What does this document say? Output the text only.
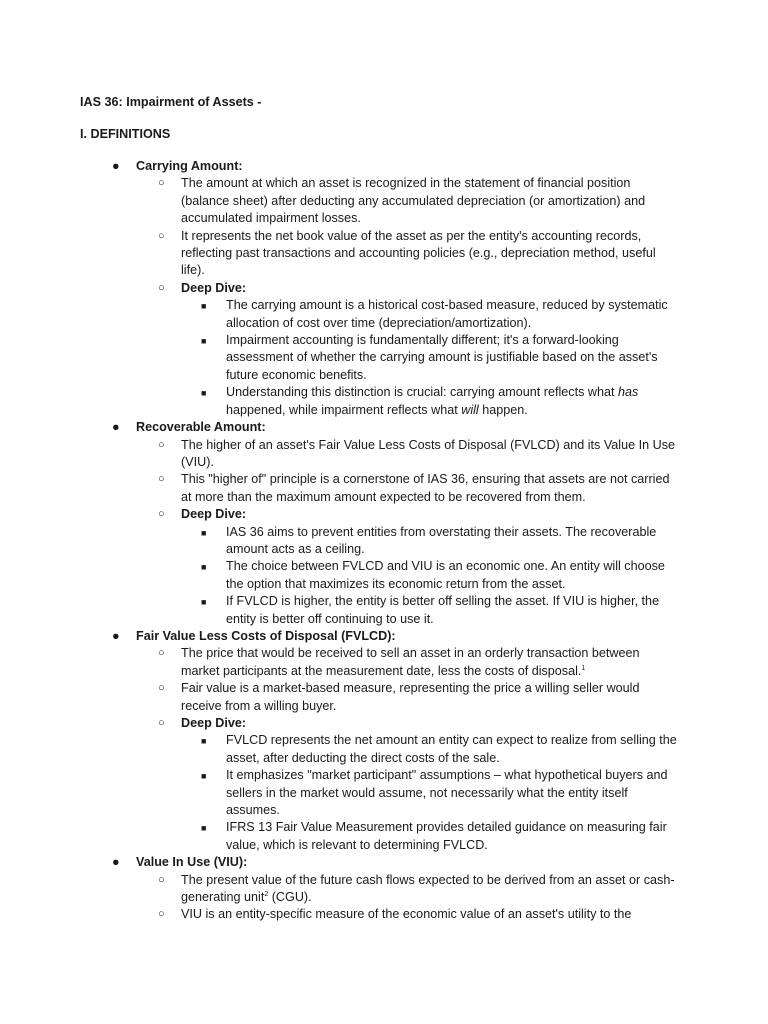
IAS 36: Impairment of Assets -
I. DEFINITIONS
● Carrying Amount:
○ The amount at which an asset is recognized in the statement of financial position (balance sheet) after deducting any accumulated depreciation (or amortization) and accumulated impairment losses.
○ It represents the net book value of the asset as per the entity's accounting records, reflecting past transactions and accounting policies (e.g., depreciation method, useful life).
○ Deep Dive:
■ The carrying amount is a historical cost-based measure, reduced by systematic allocation of cost over time (depreciation/amortization).
■ Impairment accounting is fundamentally different; it's a forward-looking assessment of whether the carrying amount is justifiable based on the asset's future economic benefits.
■ Understanding this distinction is crucial: carrying amount reflects what has happened, while impairment reflects what will happen.
● Recoverable Amount:
○ The higher of an asset's Fair Value Less Costs of Disposal (FVLCD) and its Value In Use (VIU).
○ This "higher of" principle is a cornerstone of IAS 36, ensuring that assets are not carried at more than the maximum amount expected to be recovered from them.
○ Deep Dive:
■ IAS 36 aims to prevent entities from overstating their assets. The recoverable amount acts as a ceiling.
■ The choice between FVLCD and VIU is an economic one. An entity will choose the option that maximizes its economic return from the asset.
■ If FVLCD is higher, the entity is better off selling the asset. If VIU is higher, the entity is better off continuing to use it.
● Fair Value Less Costs of Disposal (FVLCD):
○ The price that would be received to sell an asset in an orderly transaction between market participants at the measurement date, less the costs of disposal.$^1$
○ Fair value is a market-based measure, representing the price a willing seller would receive from a willing buyer.
○ Deep Dive:
■ FVLCD represents the net amount an entity can expect to realize from selling the asset, after deducting the direct costs of the sale.
■ It emphasizes "market participant" assumptions – what hypothetical buyers and sellers in the market would assume, not necessarily what the entity itself assumes.
■ IFRS 13 Fair Value Measurement provides detailed guidance on measuring fair value, which is relevant to determining FVLCD.
● Value In Use (VIU):
○ The present value of the future cash flows expected to be derived from an asset or cash-generating unit$^2$ (CGU).
○ VIU is an entity-specific measure of the economic value of an asset's utility to the
